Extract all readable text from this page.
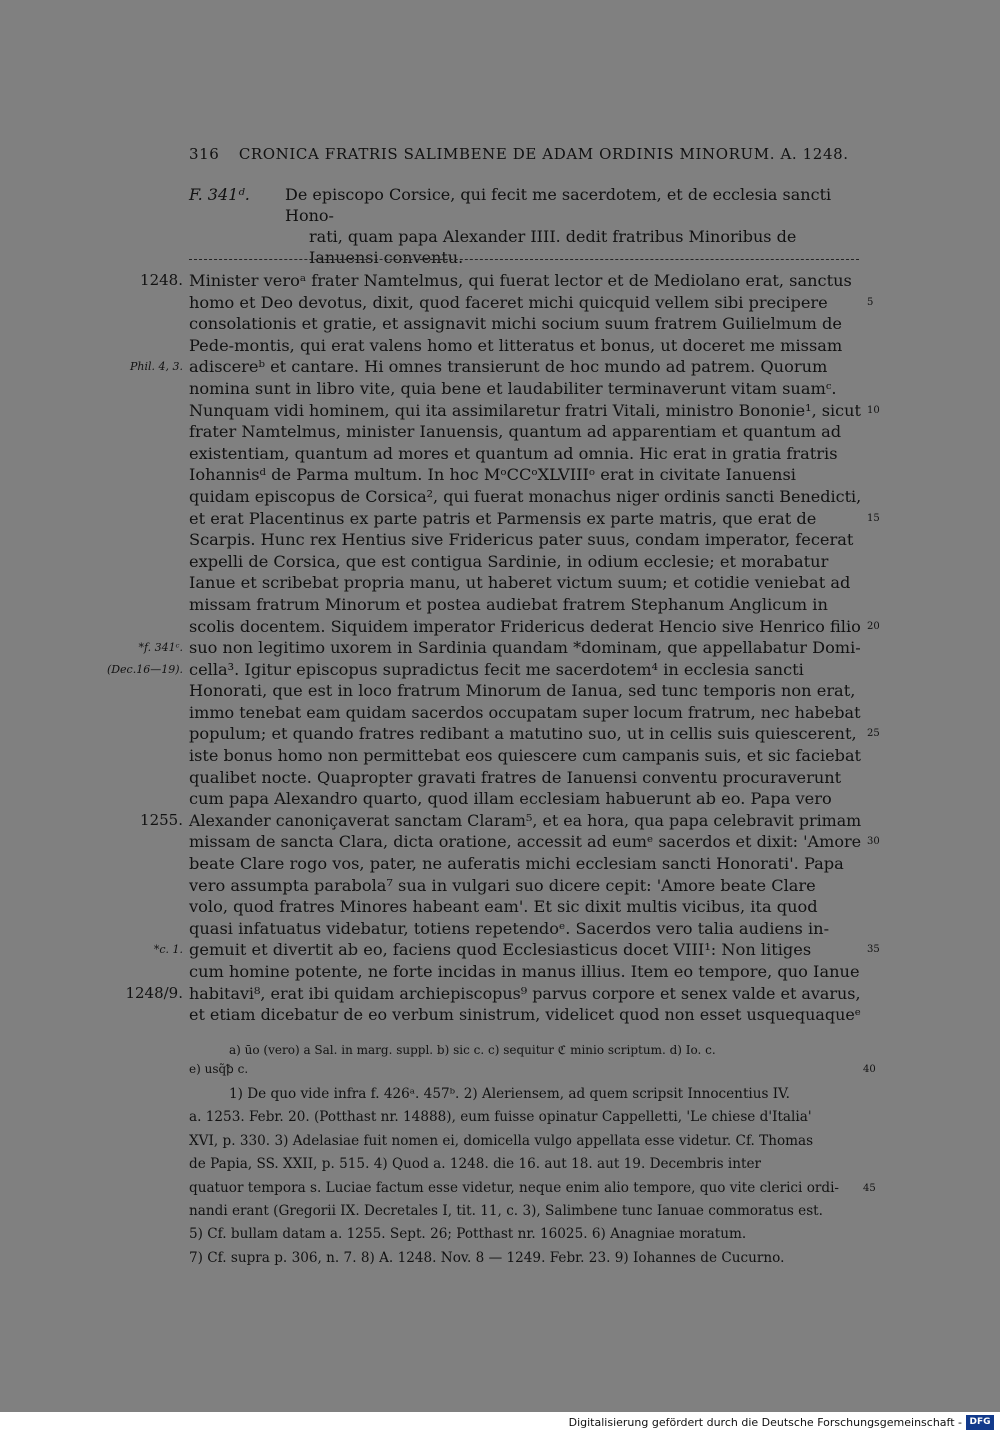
316 CRONICA FRATRIS SALIMBENE DE ADAM ORDINIS MINORUM. A. 1248.
F. 341ᵈ. De episcopo Corsice, qui fecit me sacerdotem, et de ecclesia sancti Hono-
rati, quam papa Alexander IIII. dedit fratribus Minoribus de
Ianuensi conventu.
1248. Minister veroᵃ frater Namtelmus, qui fuerat lector et de Mediolano erat, sanctus
homo et Deo devotus, dixit, quod faceret michi quicquid vellem sibi precipere	5
consolationis et gratie, et assignavit michi socium suum fratrem Guilielmum de
Pede-montis, qui erat valens homo et litteratus et bonus, ut doceret me missam
Phil. 4, 3. adiscereᵇ et cantare. Hi omnes transierunt de hoc mundo ad patrem. Quorum
nomina sunt in libro vite, quia bene et laudabiliter terminaverunt vitam suamᶜ.
Nunquam vidi hominem, qui ita assimilaretur fratri Vitali, ministro Bononie¹, sicut 10
frater Namtelmus, minister Ianuensis, quantum ad apparentiam et quantum ad
existentiam, quantum ad mores et quantum ad omnia. Hic erat in gratia fratris
Iohannisᵈ de Parma multum. In hoc MᵒCCᵒXLVIIIᵒ erat in civitate Ianuensi
quidam episcopus de Corsica², qui fuerat monachus niger ordinis sancti Benedicti,
et erat Placentinus ex parte patris et Parmensis ex parte matris, que erat de	15
Scarpis. Hunc rex Hentius sive Fridericus pater suus, condam imperator, fecerat
expelli de Corsica, que est contigua Sardinie, in odium ecclesie; et morabatur
Ianue et scribebat propria manu, ut haberet victum suum; et cotidie veniebat ad
missam fratrum Minorum et postea audiebat fratrem Stephanum Anglicum in
scolis docentem. Siquidem imperator Fridericus dederat Hencio sive Henrico filio 20
*f. 341ᶜ. suo non legitimo uxorem in Sardinia quandam *dominam, que appellabatur Domi-
(Dec.16—19). cella³. Igitur episcopus supradictus fecit me sacerdotem⁴ in ecclesia sancti
Honorati, que est in loco fratrum Minorum de Ianua, sed tunc temporis non erat,
immo tenebat eam quidam sacerdos occupatam super locum fratrum, nec habebat
populum; et quando fratres redibant a matutino suo, ut in cellis suis quiescerent, 25
iste bonus homo non permittebat eos quiescere cum campanis suis, et sic faciebat
qualibet nocte. Quapropter gravati fratres de Ianuensi conventu procuraverunt
cum papa Alexandro quarto, quod illam ecclesiam habuerunt ab eo. Papa vero
1255. Alexander canoniçaverat sanctam Claram⁵, et ea hora, qua papa celebravit primam
missam de sancta Clara, dicta oratione, accessit ad eumᵉ sacerdos et dixit: 'Amore 30
beate Clare rogo vos, pater, ne auferatis michi ecclesiam sancti Honorati'. Papa
vero assumpta parabola⁷ sua in vulgari suo dicere cepit: 'Amore beate Clare
volo, quod fratres Minores habeant eam'. Et sic dixit multis vicibus, ita quod
quasi infatuatus videbatur, totiens repetendoᵉ. Sacerdos vero talia audiens in-
*c. 1. gemuit et divertit ab eo, faciens quod Ecclesiasticus docet VIII¹: Non litiges	35
cum homine potente, ne forte incidas in manus illius. Item eo tempore, quo Ianue
1248/9. habitavi⁸, erat ibi quidam archiepiscopus⁹ parvus corpore et senex valde et avarus,
et etiam dicebatur de eo verbum sinistrum, videlicet quod non esset usquequaqueᵉ
a) ūo (vero) a Sal. in marg. suppl. b) sic c. c) sequitur ℭ minio scriptum. d) Io. c.
e) usq̃ꝥ c.	40
1) De quo vide infra f. 426ᵃ. 457ᵇ. 2) Aleriensem, ad quem scripsit Innocentius IV.
a. 1253. Febr. 20. (Potthast nr. 14888), eum fuisse opinatur Cappelletti, 'Le chiese d'Italia'
XVI, p. 330. 3) Adelasiae fuit nomen ei, domicella vulgo appellata esse videtur. Cf. Thomas
de Papia, SS. XXII, p. 515. 4) Quod a. 1248. die 16. aut 18. aut 19. Decembris inter
quatuor tempora s. Luciae factum esse videtur, neque enim alio tempore, quo vite clerici ordi- 45
nandi erant (Gregorii IX. Decretales I, tit. 11, c. 3), Salimbene tunc Ianuae commoratus est.
5) Cf. bullam datam a. 1255. Sept. 26; Potthast nr. 16025. 6) Anagniae moratum.
7) Cf. supra p. 306, n. 7. 8) A. 1248. Nov. 8 — 1249. Febr. 23. 9) Iohannes de Cucurno.
Digitalisierung gefördert durch die Deutsche Forschungsgemeinschaft - DFG
